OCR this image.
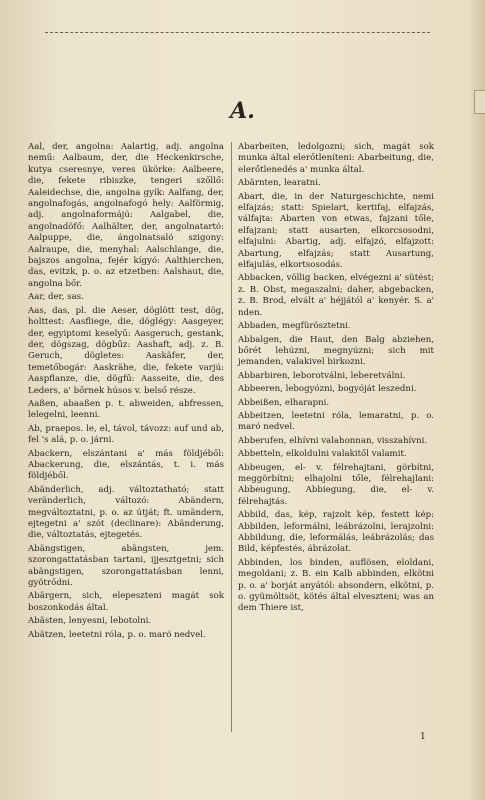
A.

Aal, der, angolna: Aalartig, adj. angolna nemű: Aalbaum, der, die Heckenkirsche, kutya cseresnye, veres ükörke: Aalbeere, die, fekete ribiszke, tengeri szőllő: Aaleidechse, die, angolna gyík: Aalfang, der, angolnafogás, angolnafogó hely: Aalförmig, adj. angolnaformájú: Aalgabel, die, angolnadöfő: Aalhälter, der, angolnatartó: Aalpuppe, die, ángolnatsaló szigony: Aalraupe, die, menyhal: Aalschlange, die, bajszos angolna, fejér kígyó: Aalthierchen, das, evitzk, p. o. az etzetben: Aalshaut, die, angolna bőr.

Aar, der, sas.

Aas, das, pl. die Aeser, döglött test, dög, holttest: Aasfliege, die, döglégy: Aasgeyer, der, egyiptomi keselyű: Aasgeruch, gestank, der, dögszag, dögbűz: Aashaft, adj. z. B. Geruch, dögletes: Aaskäfer, der, temetőbogár: Aaskrähe, die, fekete varjú: Aaspflanze, die, dögfű: Aasseite, die, des Leders, a' bőrnek húsos v. belső része.

Aaßen, abaaßen p. t. abweiden, abfressen, lelegelni, leenni.

Ab, praepos. le, el, távol, távozz: auf und ab, fel 's alá, p. o. járni.

Abackern, elszántani a' más földjéből: Abackerung, die, elszántás, t. i. más földjéből.

Abänderlich, adj. változtatható; statt veränderlich, változó: Abändern, megváltoztatni, p. o. az útját; ft. umändern, ejtegetni a' szót (declinare): Abänderung, die, változtatás, ejtegetés.

Abängstigen, abängsten, jem. szorongattatásban tartani, ijjesztgetni; sich abängstigen, szorongattatásban lenni, gyötrődni.

Abärgern, sich, elepeszteni magát sok boszonkodás által.

Abästen, lenyesni, lebotolni.

Abätzen, leetetni róla, p. o. maró nedvel.

Abarbeiten, ledolgozni; sich, magát sok munka által elerőtleníteni: Abarbeitung, die, elerőtlenedés a' munka által.

Abärnten, learatni.

Abart, die, in der Naturgeschichte, nemi elfajzás; statt: Spielart, kertifaj, elfajzás, válfajta: Abarten von etwas, fajzani tőle, elfajzani; statt ausarten, elkorcsosodni, elfajulni: Abartig, adj. elfajzó, elfajzott: Abartung, elfajzás; statt Ausartung, elfajulás, elkortsosodás.

Abbacken, völlig backen, elvégezni a' sütést; z. B. Obst, megaszalni; daher, abgebacken, z. B. Brod, elvált a' héjjától a' kenyér. S. a' nden.

Abbaden, megfürösztetni.

Abbalgen, die Haut, den Balg abziehen, bőrét lehúzni, megnyúzni; sich mit jemanden, valakivel birkozni.

Abbarbiren, leborotválni, leberetválni.

Abbeeren, lebogyózni, bogyóját leszedni.

Abbeißen, elharapni.

Abbeitzen, leetetni róla, lemaratni, p. o. maró nedvel.

Abberufen, elhívni valahonnan, visszahívni.

Abbetteln, elkoldulni valakitől valamit.

Abbeugen, el- v. félrehajtani, görbítni, meggörbítni; elhajolni tőle, félrehajlani: Abbeugung, Abbiegung, die, el- v. félrehajtás.

Abbild, das, kép, rajzolt kép, festett kép: Abbilden, leformálni, leábrázolni, lerajzolni: Abbildung, die, leformálás, leábrázolás; das Bild, képfestés, ábrázolat.

Abbinden, los binden, auflösen, eloldani, megoldani; z. B. ein Kalb abbinden, elkötni p. o. a' borját anyától: absondern, elkötni, p. o. gyümöltsöt, kötés által elveszteni; was an dem Thiere ist,

1
